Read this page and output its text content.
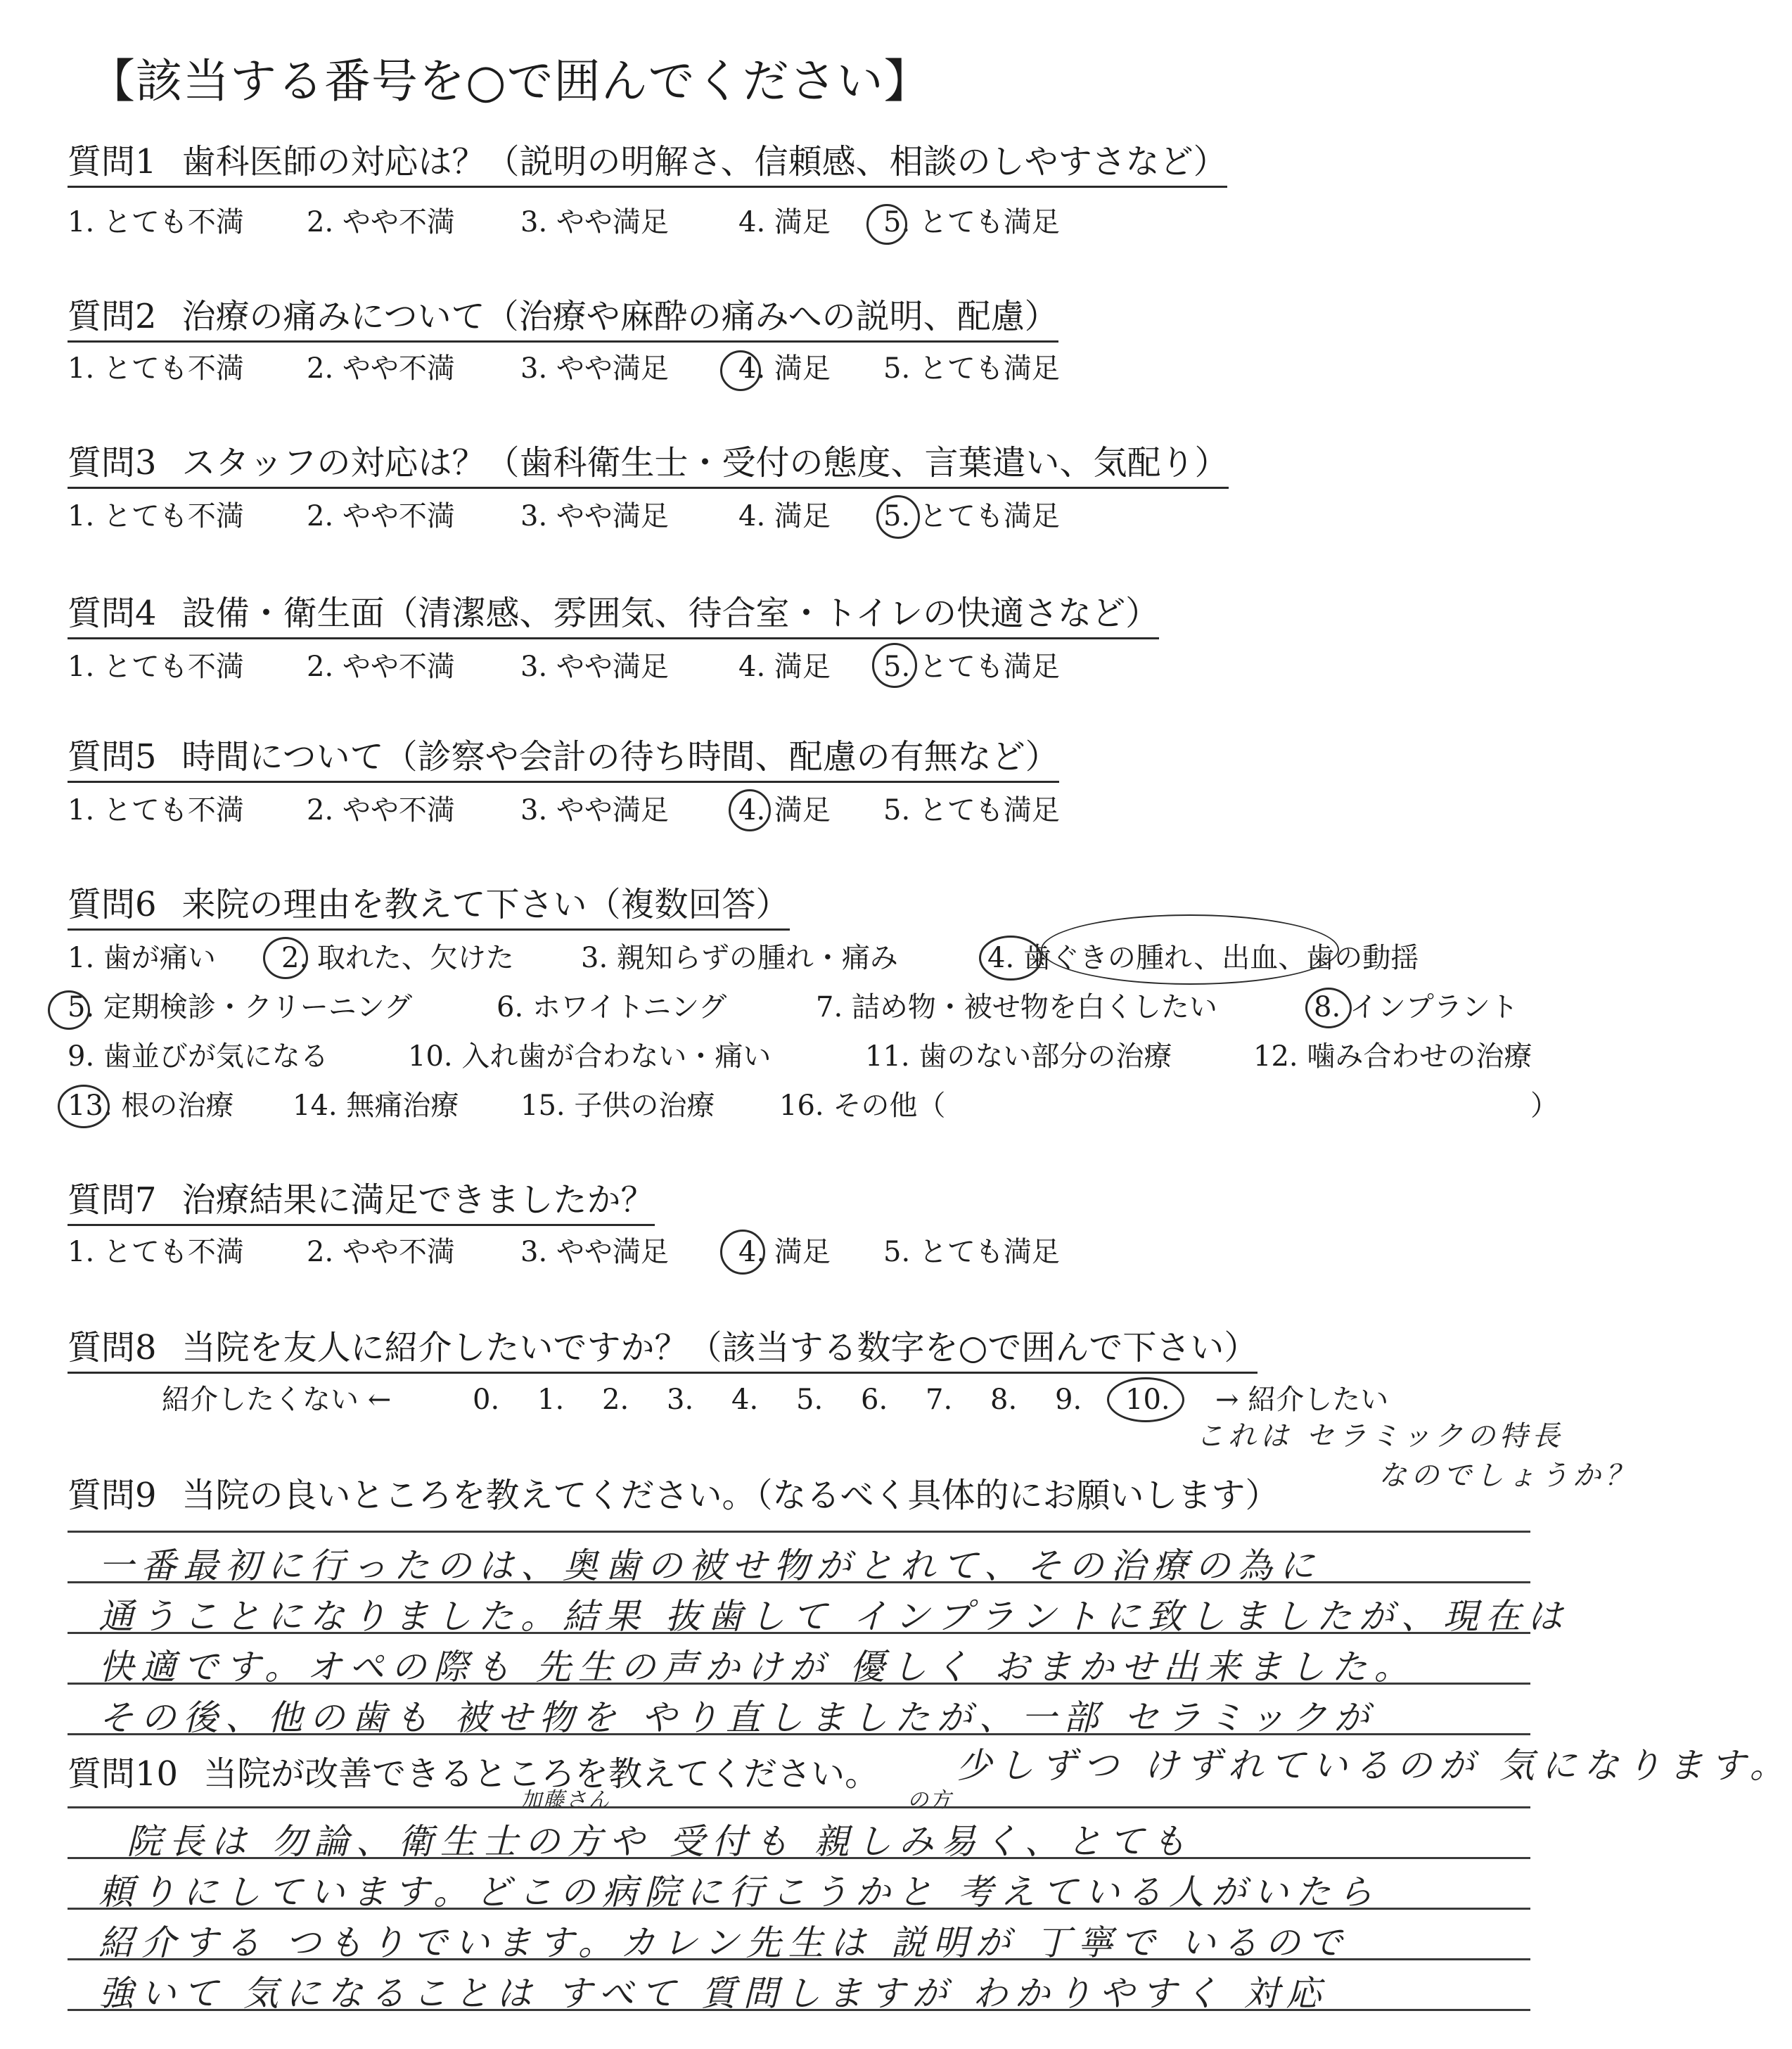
【該当する番号を○で囲んでください】
質問1 歯科医師の対応は？（説明の明解さ、信頼感、相談のしやすさなど）
1. とても不満 2. やや不満 3. やや満足 4. 満足 5. とても満足
質問2 治療の痛みについて（治療や麻酔の痛みへの説明、配慮）
1. とても不満 2. やや不満 3. やや満足 4. 満足 5. とても満足
質問3 スタッフの対応は？（歯科衛生士・受付の態度、言葉遣い、気配り）
1. とても不満 2. やや不満 3. やや満足 4. 満足 5. とても満足
質問4 設備・衛生面（清潔感、雰囲気、待合室・トイレの快適さなど）
1. とても不満 2. やや不満 3. やや満足 4. 満足 5. とても満足
質問5 時間について（診察や会計の待ち時間、配慮の有無など）
1. とても不満 2. やや不満 3. やや満足 4. 満足 5. とても満足
質問6 来院の理由を教えて下さい（複数回答）
1. 歯が痛い 2. 取れた、欠けた 3. 親知らずの腫れ・痛み	4. 歯ぐきの腫れ、出血、歯の動揺
5. 定期検診・クリーニング	6. ホワイトニング	7. 詰め物・被せ物を白くしたい	8. インプラント
9. 歯並びが気になる	10. 入れ歯が合わない・痛い	11. 歯のない部分の治療	12. 噛み合わせの治療
13. 根の治療 14. 無痛治療 15. 子供の治療 16. その他（	）
質問7 治療結果に満足できましたか？
1. とても不満 2. やや不満 3. やや満足 4. 満足 5. とても満足
質問8 当院を友人に紹介したいですか？（該当する数字を○で囲んで下さい）
紹介したくない ←	0. 1. 2. 3. 4. 5. 6. 7. 8. 9. 10. → 紹介したい
これは セラミックの特長
なのでしょうか？
質問9 当院の良いところを教えてください。（なるべく具体的にお願いします）
一番最初に行ったのは、奥歯の被せ物がとれて、その治療の為に
通うことになりました。結果 抜歯して インプラントに致しましたが、現在は
快適です。オペの際も 先生の声かけが 優しく おまかせ出来ました。
その後、他の歯も 被せ物を やり直しましたが、一部 セラミックが
少しずつ けずれているのが 気になります。
質問10 当院が改善できるところを教えてください。
加藤さん	の方
院長は 勿論、衛生士の方や 受付も 親しみ易く、とても
頼りにしています。どこの病院に行こうかと 考えている人がいたら
紹介する つもりでいます。カレン先生は 説明が 丁寧で いるので
強いて 気になることは すべて 質問しますが わかりやすく 対応
